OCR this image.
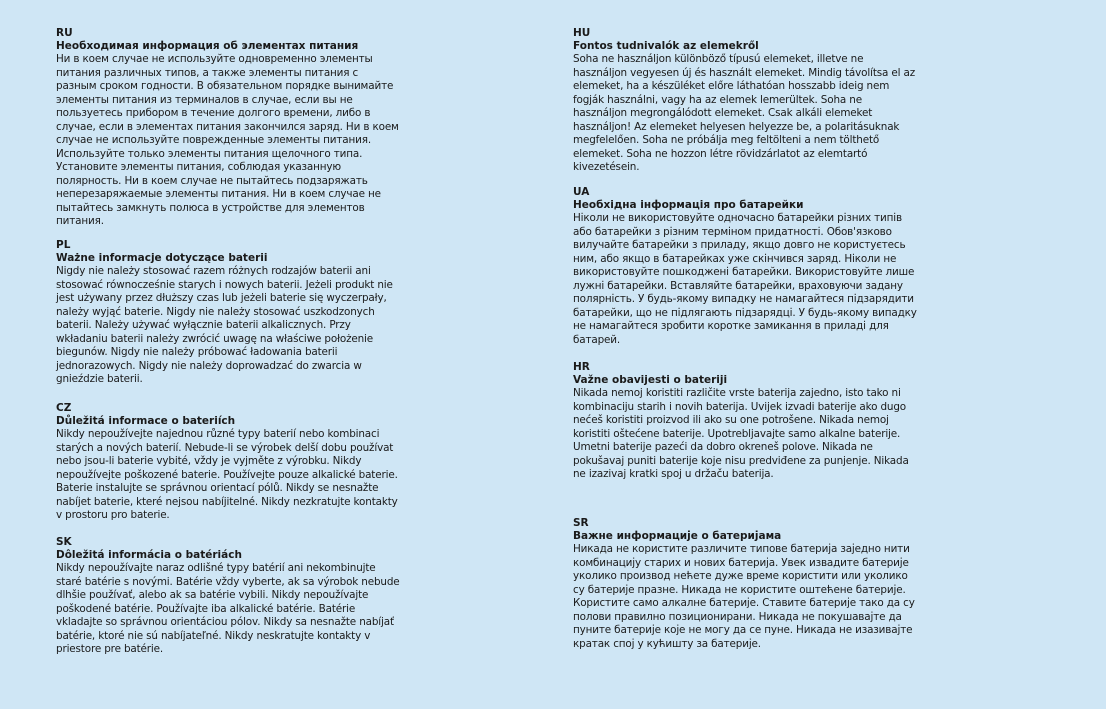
RU
Необходимая информация об элементах питания
Ни в коем случае не используйте одновременно элементы питания различных типов, а также элементы питания с разным сроком годности. В обязательном порядке вынимайте элементы питания из терминалов в случае, если вы не пользуетесь прибором в течение долгого времени, либо в случае, если в элементах питания закончился заряд. Ни в коем случае не используйте поврежденные элементы питания. Используйте только элементы питания щелочного типа. Установите элементы питания, соблюдая указанную полярность. Ни в коем случае не пытайтесь подзаряжать неперезаряжаемые элементы питания. Ни в коем случае не пытайтесь замкнуть полюса в устройстве для элементов питания.
PL
Ważne informacje dotyczące baterii
Nigdy nie należy stosować razem różnych rodzajów baterii ani stosować równocześnie starych i nowych baterii. Jeżeli produkt nie jest używany przez dłuższy czas lub jeżeli baterie się wyczerpały, należy wyjąć baterie. Nigdy nie należy stosować uszkodzonych baterii. Należy używać wyłącznie baterii alkalicznych. Przy wkładaniu baterii należy zwrócić uwagę na właściwe położenie biegunów. Nigdy nie należy próbować ładowania baterii jednorazowych. Nigdy nie należy doprowadzać do zwarcia w gnieździe baterii.
CZ
Důležitá informace o bateriích
Nikdy nepoužívejte najednou různé typy baterií nebo kombinaci starých a nových baterií. Nebude-li se výrobek delší dobu používat nebo jsou-li baterie vybité, vždy je vyjměte z výrobku. Nikdy nepoužívejte poškozené baterie. Používejte pouze alkalické baterie. Baterie instalujte se správnou orientací pólů. Nikdy se nesnažte nabíjet baterie, které nejsou nabíjitelné. Nikdy nezkratujte kontakty v prostoru pro baterie.
SK
Dôležitá informácia o batériách
Nikdy nepoužívajte naraz odlišné typy batérií ani nekombinujte staré batérie s novými. Batérie vždy vyberte, ak sa výrobok nebude dlhšie používať, alebo ak sa batérie vybili. Nikdy nepoužívajte poškodené batérie. Používajte iba alkalické batérie. Batérie vkladajte so správnou orientáciou pólov. Nikdy sa nesnažte nabíjať batérie, ktoré nie sú nabíjateľné. Nikdy neskratujte kontakty v priestore pre batérie.
HU
Fontos tudnivalók az elemekről
Soha ne használjon különböző típusú elemeket, illetve ne használjon vegyesen új és használt elemeket. Mindig távolítsa el az elemeket, ha a készüléket előre láthatóan hosszabb ideig nem fogják használni, vagy ha az elemek lemerültek. Soha ne használjon megrongálódott elemeket. Csak alkáli elemeket használjon! Az elemeket helyesen helyezze be, a polaritásuknak megfelelően. Soha ne próbálja meg feltölteni a nem tölthető elemeket. Soha ne hozzon létre rövidzárlatot az elemtartó kivezetésein.
UA
Необхідна інформація про батарейки
Ніколи не використовуйте одночасно батарейки різних типів або батарейки з різним терміном придатності. Обов'язково вилучайте батарейки з приладу, якщо довго не користуєтесь ним, або якщо в батарейках уже скінчився заряд. Ніколи не використовуйте пошкоджені батарейки. Використовуйте лише лужні батарейки. Вставляйте батарейки, враховуючи задану полярність. У будь-якому випадку не намагайтеся підзарядити батарейки, що не підлягають підзарядці. У будь-якому випадку не намагайтеся зробити коротке замикання в приладі для батарей.
HR
Važne obavijesti o bateriji
Nikada nemoj koristiti različite vrste baterija zajedno, isto tako ni kombinaciju starih i novih baterija. Uvijek izvadi baterije ako dugo nećeš koristiti proizvod ili ako su one potrošene. Nikada nemoj koristiti oštećene baterije. Upotrebljavajte samo alkalne baterije. Umetni baterije pazeći da dobro okreneš polove. Nikada ne pokušavaj puniti baterije koje nisu predviđene za punjenje. Nikada ne izazivaj kratki spoj u držaču baterija.
SR
Важне информације о батеријама
Никада не користите различите типове батерија заједно нити комбинацију старих и нових батерија. Увек извадите батерије уколико производ нећете дуже време користити или уколико су батерије празне. Никада не користите оштећене батерије. Користите само алкалне батерије. Ставите батерије тако да су полови правилно позиционирани. Никада не покушавајте да пуните батерије које не могу да се пуне. Никада не изазивајте кратак спој у кућишту за батерије.
